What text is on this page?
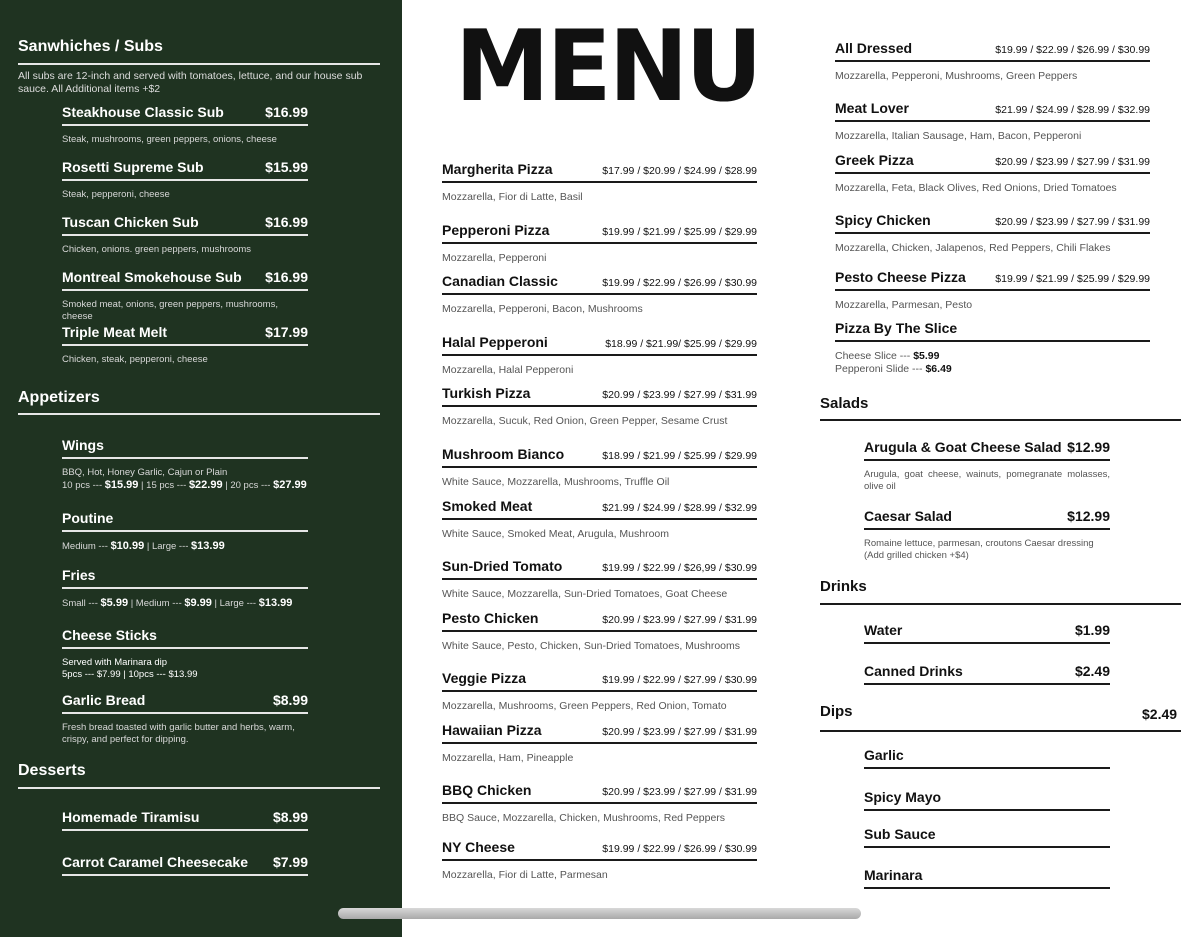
Sanwhiches / Subs
All subs are 12-inch and served with tomatoes, lettuce, and our house sub sauce. All Additional items +$2
Steakhouse Classic Sub	$16.99
Steak, mushrooms, green peppers, onions, cheese
Rosetti Supreme Sub	$15.99
Steak, pepperoni, cheese
Tuscan Chicken Sub	$16.99
Chicken, onions. green peppers, mushrooms
Montreal Smokehouse Sub $16.99
Smoked meat, onions, green peppers, mushrooms, cheese
Triple Meat Melt	$17.99
Chicken, steak, pepperoni, cheese
Appetizers
Wings
BBQ, Hot, Honey Garlic, Cajun or Plain
10 pcs --- $15.99 | 15 pcs --- $22.99 | 20 pcs --- $27.99
Poutine
Medium --- $10.99 | Large --- $13.99
Fries
Small --- $5.99 | Medium --- $9.99 | Large --- $13.99
Cheese Sticks
Served with Marinara dip
5pcs --- $7.99 | 10pcs --- $13.99
Garlic Bread	$8.99
Fresh bread toasted with garlic butter and herbs, warm, crispy, and perfect for dipping.
Desserts
Homemade Tiramisu	$8.99
Carrot Caramel Cheesecake $7.99
MENU
Margherita Pizza	$17.99 / $20.99 / $24.99 / $28.99
Mozzarella, Fior di Latte, Basil
Pepperoni Pizza	$19.99 / $21.99 / $25.99 / $29.99
Mozzarella, Pepperoni
Canadian Classic	$19.99 / $22.99 / $26.99 / $30.99
Mozzarella, Pepperoni, Bacon, Mushrooms
Halal Pepperoni	$18.99 / $21.99/ $25.99 / $29.99
Mozzarella, Halal Pepperoni
Turkish Pizza	$20.99 / $23.99 / $27.99 / $31.99
Mozzarella, Sucuk, Red Onion, Green Pepper, Sesame Crust
Mushroom Bianco	$18.99 / $21.99 / $25.99 / $29.99
White Sauce, Mozzarella, Mushrooms, Truffle Oil
Smoked Meat	$21.99 / $24.99 / $28.99 / $32.99
White Sauce, Smoked Meat, Arugula, Mushroom
Sun-Dried Tomato	$19.99 / $22.99 / $26,99 / $30.99
White Sauce, Mozzarella, Sun-Dried Tomatoes, Goat Cheese
Pesto Chicken	$20.99 / $23.99 / $27.99 / $31.99
White Sauce, Pesto, Chicken, Sun-Dried Tomatoes, Mushrooms
Veggie Pizza	$19.99 / $22.99 / $27.99 / $30.99
Mozzarella, Mushrooms, Green Peppers, Red Onion, Tomato
Hawaiian Pizza	$20.99 / $23.99 / $27.99 / $31.99
Mozzarella, Ham, Pineapple
BBQ Chicken	$20.99 / $23.99 / $27.99 / $31.99
BBQ Sauce, Mozzarella, Chicken, Mushrooms, Red Peppers
NY Cheese	$19.99 / $22.99 / $26.99 / $30.99
Mozzarella, Fior di Latte, Parmesan
All Dressed	$19.99 / $22.99 / $26.99 / $30.99
Mozzarella, Pepperoni, Mushrooms, Green Peppers
Meat Lover	$21.99 / $24.99 / $28.99 / $32.99
Mozzarella, Italian Sausage, Ham, Bacon, Pepperoni
Greek Pizza	$20.99 / $23.99 / $27.99 / $31.99
Mozzarella, Feta, Black Olives, Red Onions, Dried Tomatoes
Spicy Chicken	$20.99 / $23.99 / $27.99 / $31.99
Mozzarella, Chicken, Jalapenos, Red Peppers, Chili Flakes
Pesto Cheese Pizza	$19.99 / $21.99 / $25.99 / $29.99
Mozzarella, Parmesan, Pesto
Pizza By The Slice
Cheese Slice --- $5.99
Pepperoni Slide --- $6.49
Salads
Arugula & Goat Cheese Salad $12.99
Arugula, goat cheese, wainuts, pomegranate molasses, olive oil
Caesar Salad	$12.99
Romaine lettuce, parmesan, croutons Caesar dressing (Add grilled chicken +$4)
Drinks
Water	$1.99
Canned Drinks	$2.49
Dips	$2.49
Garlic
Spicy Mayo
Sub Sauce
Marinara
